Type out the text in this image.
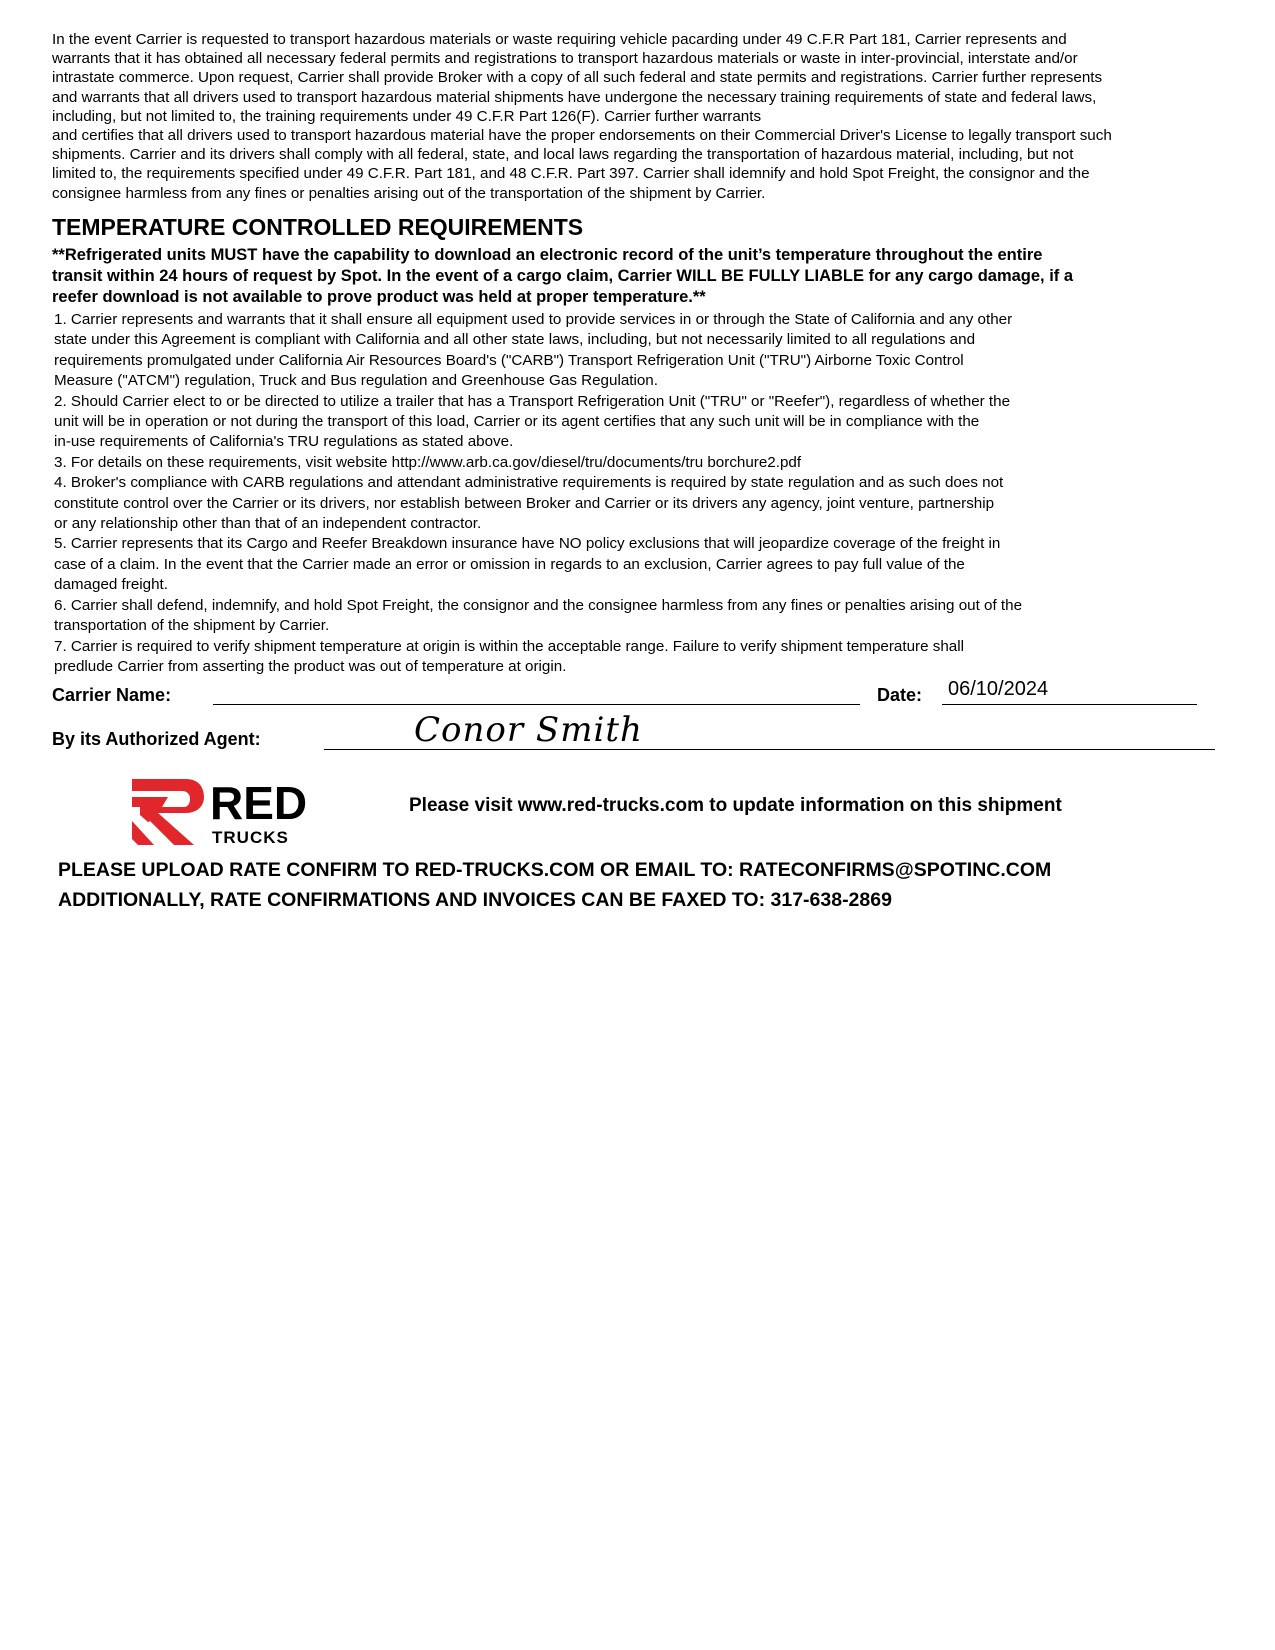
In the event Carrier is requested to transport hazardous materials or waste requiring vehicle pacarding under 49 C.F.R Part 181, Carrier represents and
warrants that it has obtained all necessary federal permits and registrations to transport hazardous materials or waste in inter-provincial, interstate and/or
intrastate commerce. Upon request, Carrier shall provide Broker with a copy of all such federal and state permits and registrations. Carrier further represents
and warrants that all drivers used to transport hazardous material shipments have undergone the necessary training requirements of state and federal laws,
including, but not limited to, the training requirements under 49 C.F.R Part 126(F). Carrier further warrants
and certifies that all drivers used to transport hazardous material have the proper endorsements on their Commercial Driver's License to legally transport such
shipments. Carrier and its drivers shall comply with all federal, state, and local laws regarding the transportation of hazardous material, including, but not
limited to, the requirements specified under 49 C.F.R. Part 181, and 48 C.F.R. Part 397. Carrier shall idemnify and hold Spot Freight, the consignor and the
consignee harmless from any fines or penalties arising out of the transportation of the shipment by Carrier.
TEMPERATURE CONTROLLED REQUIREMENTS
**Refrigerated units MUST have the capability to download an electronic record of the unit’s temperature throughout the entire
transit within 24 hours of request by Spot. In the event of a cargo claim, Carrier WILL BE FULLY LIABLE for any cargo damage, if a
reefer download is not available to prove product was held at proper temperature.**
1. Carrier represents and warrants that it shall ensure all equipment used to provide services in or through the State of California and any other
state under this Agreement is compliant with California and all other state laws, including, but not necessarily limited to all regulations and
requirements promulgated under California Air Resources Board's ("CARB") Transport Refrigeration Unit ("TRU") Airborne Toxic Control
Measure ("ATCM") regulation, Truck and Bus regulation and Greenhouse Gas Regulation.
2. Should Carrier elect to or be directed to utilize a trailer that has a Transport Refrigeration Unit ("TRU" or "Reefer"), regardless of whether the
unit will be in operation or not during the transport of this load, Carrier or its agent certifies that any such unit will be in compliance with the
in-use requirements of California's TRU regulations as stated above.
3. For details on these requirements, visit website http://www.arb.ca.gov/diesel/tru/documents/tru borchure2.pdf
4. Broker's compliance with CARB regulations and attendant administrative requirements is required by state regulation and as such does not
constitute control over the Carrier or its drivers, nor establish between Broker and Carrier or its drivers any agency, joint venture, partnership
or any relationship other than that of an independent contractor.
5. Carrier represents that its Cargo and Reefer Breakdown insurance have NO policy exclusions that will jeopardize coverage of the freight in
case of a claim. In the event that the Carrier made an error or omission in regards to an exclusion, Carrier agrees to pay full value of the
damaged freight.
6. Carrier shall defend, indemnify, and hold Spot Freight, the consignor and the consignee harmless from any fines or penalties arising out of the
transportation of the shipment by Carrier.
7. Carrier is required to verify shipment temperature at origin is within the acceptable range. Failure to verify shipment temperature shall
predlude Carrier from asserting the product was out of temperature at origin.
Carrier Name:	Date: 06/10/2024
By its Authorized Agent:	Conor Smith
RED
TRUCKS
Please visit www.red-trucks.com to update information on this shipment
PLEASE UPLOAD RATE CONFIRM TO RED-TRUCKS.COM OR EMAIL TO: RATECONFIRMS@SPOTINC.COM
ADDITIONALLY, RATE CONFIRMATIONS AND INVOICES CAN BE FAXED TO: 317-638-2869
